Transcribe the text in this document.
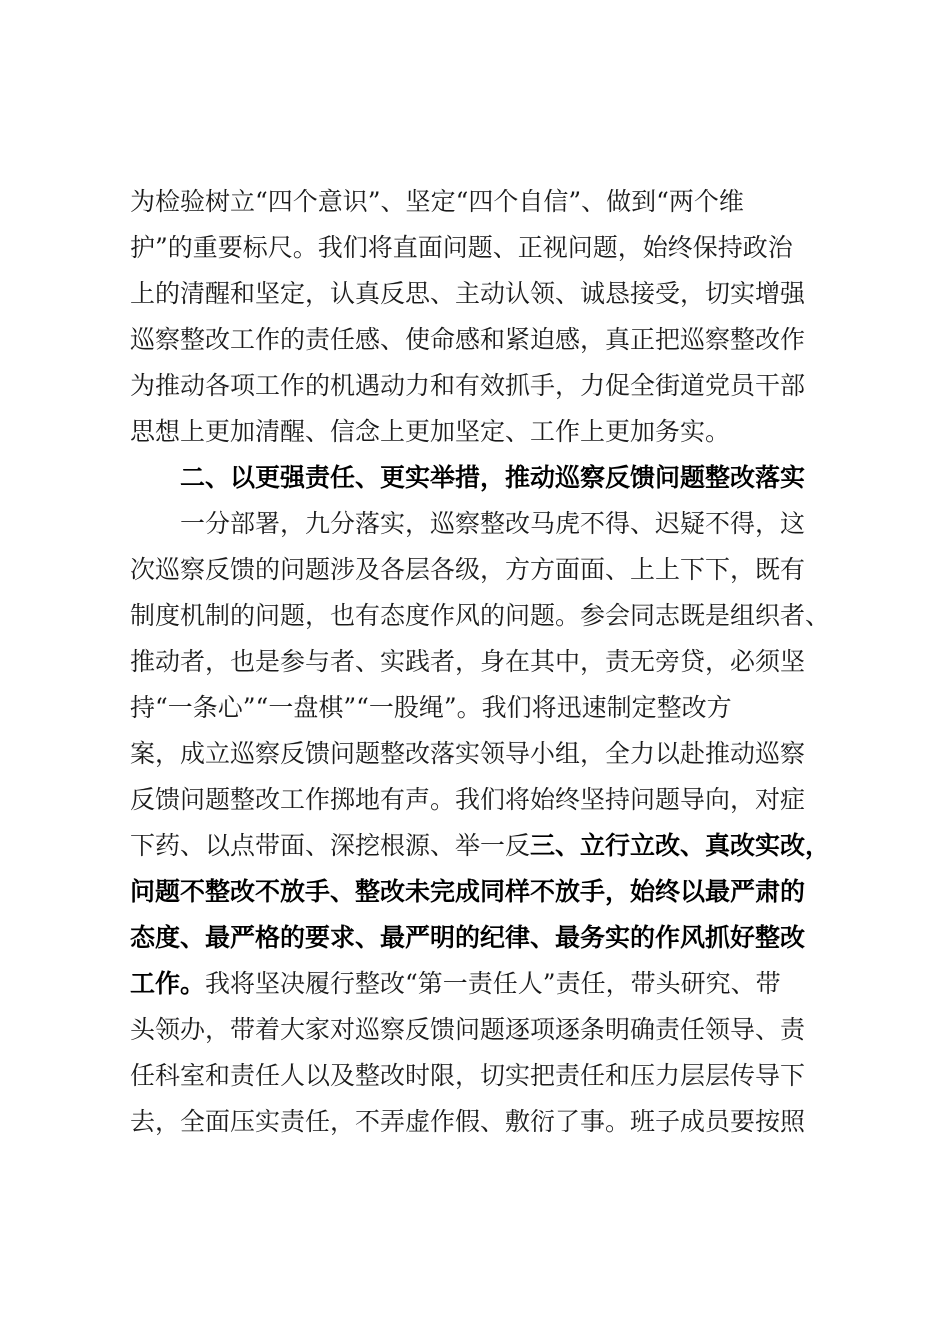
为检验树立“四个意识”、坚定“四个自信”、做到“两个维
护”的重要标尺。我们将直面问题、正视问题，始终保持政治
上的清醒和坚定，认真反思、主动认领、诚恳接受，切实增强
巡察整改工作的责任感、使命感和紧迫感，真正把巡察整改作
为推动各项工作的机遇动力和有效抓手，力促全街道党员干部
思想上更加清醒、信念上更加坚定、工作上更加务实。
二、以更强责任、更实举措，推动巡察反馈问题整改落实
一分部署，九分落实，巡察整改马虎不得、迟疑不得，这
次巡察反馈的问题涉及各层各级，方方面面、上上下下，既有
制度机制的问题，也有态度作风的问题。参会同志既是组织者、
推动者，也是参与者、实践者，身在其中，责无旁贷，必须坚
持“一条心”“一盘棋”“一股绳”。我们将迅速制定整改方
案，成立巡察反馈问题整改落实领导小组，全力以赴推动巡察
反馈问题整改工作掷地有声。我们将始终坚持问题导向，对症
下药、以点带面、深挖根源、举一反三、立行立改、真改实改，
问题不整改不放手、整改未完成同样不放手，始终以最严肃的
态度、最严格的要求、最严明的纪律、最务实的作风抓好整改
工作。我将坚决履行整改“第一责任人”责任，带头研究、带
头领办，带着大家对巡察反馈问题逐项逐条明确责任领导、责
任科室和责任人以及整改时限，切实把责任和压力层层传导下
去，全面压实责任，不弄虚作假、敷衍了事。班子成员要按照
